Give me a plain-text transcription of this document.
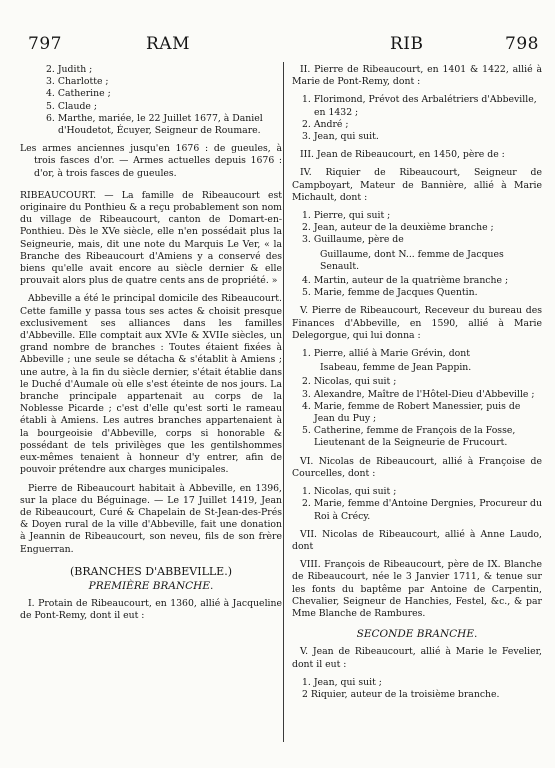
797	RAM	RIB	798
2. Judith ;
3. Charlotte ;
4. Catherine ;
5. Claude ;
6. Marthe, mariée, le 22 Juillet 1677, à Daniel d'Houdetot, Écuyer, Seigneur de Roumare.

Les armes anciennes jusqu'en 1676 : de gueules, à trois fasces d'or. — Armes actuelles depuis 1676 : d'or, à trois fasces de gueules.

RIBEAUCOURT. — La famille de Ribeaucourt est originaire du Ponthieu & a reçu probablement son nom du village de Ribeaucourt, canton de Domart-en-Ponthieu. Dès le XVe siècle, elle n'en possédait plus la Seigneurie, mais, dit une note du Marquis Le Ver, « la Branche des Ribeaucourt d'Amiens y a conservé des biens qu'elle avait encore au siècle dernier & elle prouvait alors plus de quatre cents ans de propriété. »

Abbeville a été le principal domicile des Ribeaucourt. Cette famille y passa tous ses actes & choisit presque exclusivement ses alliances dans les familles d'Abbeville. Elle comptait aux XVIe & XVIIe siècles, un grand nombre de branches : Toutes étaient fixées à Abbeville ; une seule se détacha & s'établit à Amiens ; une autre, à la fin du siècle dernier, s'était établie dans le Duché d'Aumale où elle s'est éteinte de nos jours. La branche principale appartenait au corps de la Noblesse Picarde ; c'est d'elle qu'est sorti le rameau établi à Amiens. Les autres branches appartenaient à la bourgeoisie d'Abbeville, corps si honorable & possédant de tels privilèges que les gentilshommes eux-mêmes tenaient à honneur d'y entrer, afin de pouvoir prétendre aux charges municipales.

Pierre de Ribeaucourt habitait à Abbeville, en 1396, sur la place du Béguinage. — Le 17 Juillet 1419, Jean de Ribeaucourt, Curé & Chapelain de St-Jean-des-Prés & Doyen rural de la ville d'Abbeville, fait une donation à Jeannin de Ribeaucourt, son neveu, fils de son frère Enguerran.

(BRANCHES D'ABBEVILLE.)
PREMIÈRE BRANCHE.

I. Protain de Ribeaucourt, en 1360, allié à Jacqueline de Pont-Remy, dont il eut :

II. Pierre de Ribeaucourt, en 1401 & 1422, allié à Marie de Pont-Remy, dont :

1. Florimond, Prévot des Arbalétriers d'Abbeville, en 1432 ;
2. André ;
3. Jean, qui suit.

III. Jean de Ribeaucourt, en 1450, père de :

IV. Riquier de Ribeaucourt, Seigneur de Campboyart, Mateur de Bannière, allié à Marie Michault, dont :

1. Pierre, qui suit ;
2. Jean, auteur de la deuxième branche ;
3. Guillaume, père de
Guillaume, dont N... femme de Jacques Senault.
4. Martin, auteur de la quatrième branche ;
5. Marie, femme de Jacques Quentin.

V. Pierre de Ribeaucourt, Receveur du bureau des Finances d'Abbeville, en 1590, allié à Marie Delegorgue, qui lui donna :

1. Pierre, allié à Marie Grévin, dont
Isabeau, femme de Jean Pappin.
2. Nicolas, qui suit ;
3. Alexandre, Maître de l'Hôtel-Dieu d'Abbeville ;
4. Marie, femme de Robert Manessier, puis de Jean du Puy ;
5. Catherine, femme de François de la Fosse, Lieutenant de la Seigneurie de Frucourt.

VI. Nicolas de Ribeaucourt, allié à Françoise de Courcelles, dont :

1. Nicolas, qui suit ;
2. Marie, femme d'Antoine Dergnies, Procureur du Roi à Crécy.

VII. Nicolas de Ribeaucourt, allié à Anne Laudo, dont

VIII. François de Ribeaucourt, père de IX. Blanche de Ribeaucourt, née le 3 Janvier 1711, & tenue sur les fonts du baptême par Antoine de Carpentin, Chevalier, Seigneur de Hanchies, Festel, &c., & par Mme Blanche de Rambures.

SECONDE BRANCHE.

V. Jean de Ribeaucourt, allié à Marie le Fevelier, dont il eut :

1. Jean, qui suit ;
2 Riquier, auteur de la troisième branche.
